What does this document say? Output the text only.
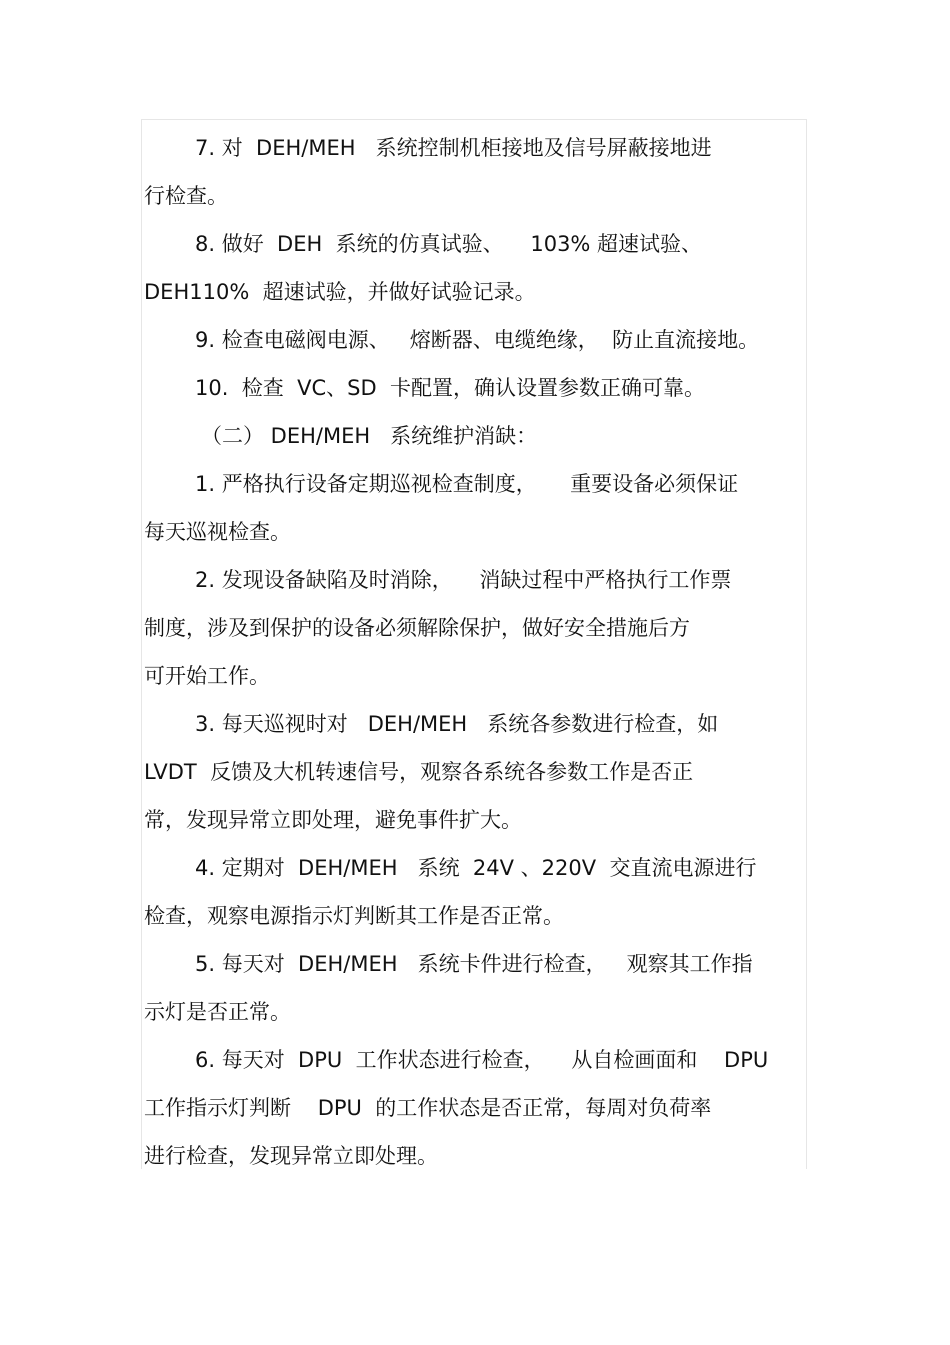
7. 对  DEH/MEH   系统控制机柜接地及信号屏蔽接地进
行检查。
8. 做好  DEH  系统的仿真试验、    103% 超速试验、
DEH110%  超速试验，并做好试验记录。
9. 检查电磁阀电源、   熔断器、电缆绝缘，  防止直流接地。
10.  检查  VC、SD  卡配置，确认设置参数正确可靠。
（二） DEH/MEH   系统维护消缺：
1. 严格执行设备定期巡视检查制度，     重要设备必须保证
每天巡视检查。
2. 发现设备缺陷及时消除，    消缺过程中严格执行工作票
制度，涉及到保护的设备必须解除保护，做好安全措施后方
可开始工作。
3. 每天巡视时对   DEH/MEH   系统各参数进行检查，如
LVDT  反馈及大机转速信号，观察各系统各参数工作是否正
常，发现异常立即处理，避免事件扩大。
4. 定期对  DEH/MEH   系统  24V 、220V  交直流电源进行
检查，观察电源指示灯判断其工作是否正常。
5. 每天对  DEH/MEH   系统卡件进行检查，   观察其工作指
示灯是否正常。
6. 每天对  DPU  工作状态进行检查，    从自检画面和    DPU
工作指示灯判断    DPU  的工作状态是否正常，每周对负荷率
进行检查，发现异常立即处理。
